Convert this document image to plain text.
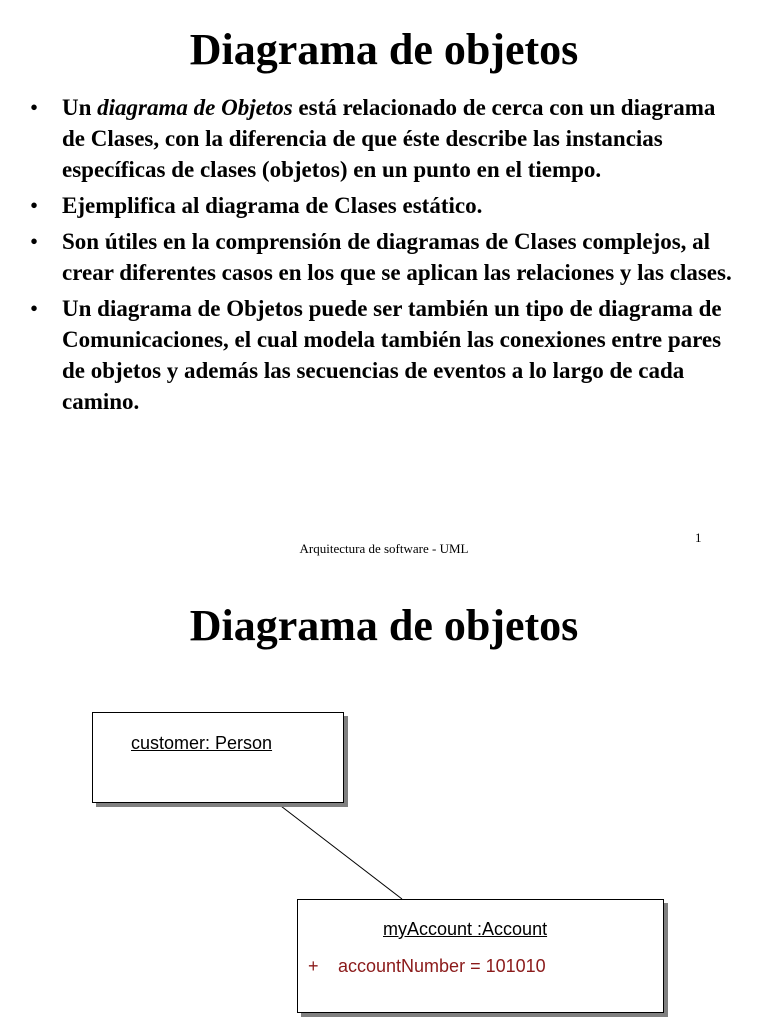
Diagrama de objetos
• Un diagrama de Objetos está relacionado de cerca con un diagrama de Clases, con la diferencia de que éste describe las instancias específicas de clases (objetos) en un punto en el tiempo.
• Ejemplifica al diagrama de Clases estático.
• Son útiles en la comprensión de diagramas de Clases complejos, al crear diferentes casos en los que se aplican las relaciones y las clases.
• Un diagrama de Objetos puede ser también un tipo de diagrama de Comunicaciones, el cual modela también las conexiones entre pares de objetos y además las secuencias de eventos a lo largo de cada camino.
Arquitectura de software - UML
1
Diagrama de objetos
customer: Person
myAccount :Account
+ accountNumber = 101010
